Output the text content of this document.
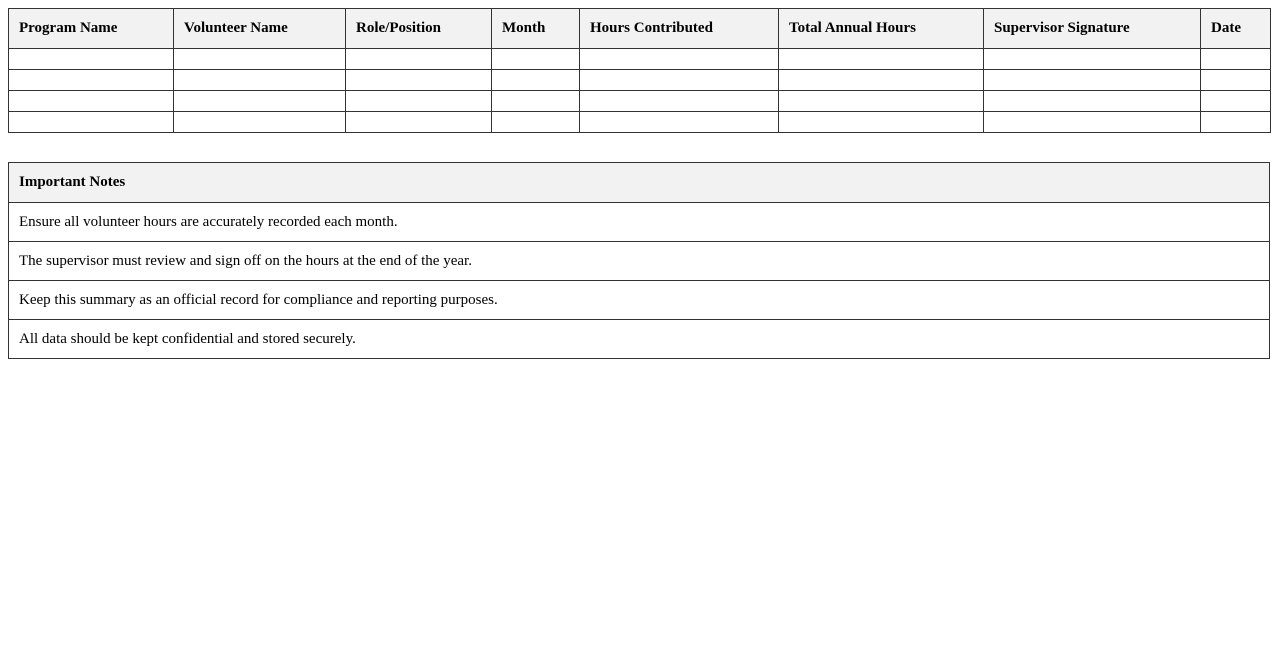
Program Name	Volunteer Name	Role/Position	Month	Hours Contributed	Total Annual Hours	Supervisor Signature	Date

Important Notes
Ensure all volunteer hours are accurately recorded each month.
The supervisor must review and sign off on the hours at the end of the year.
Keep this summary as an official record for compliance and reporting purposes.
All data should be kept confidential and stored securely.
